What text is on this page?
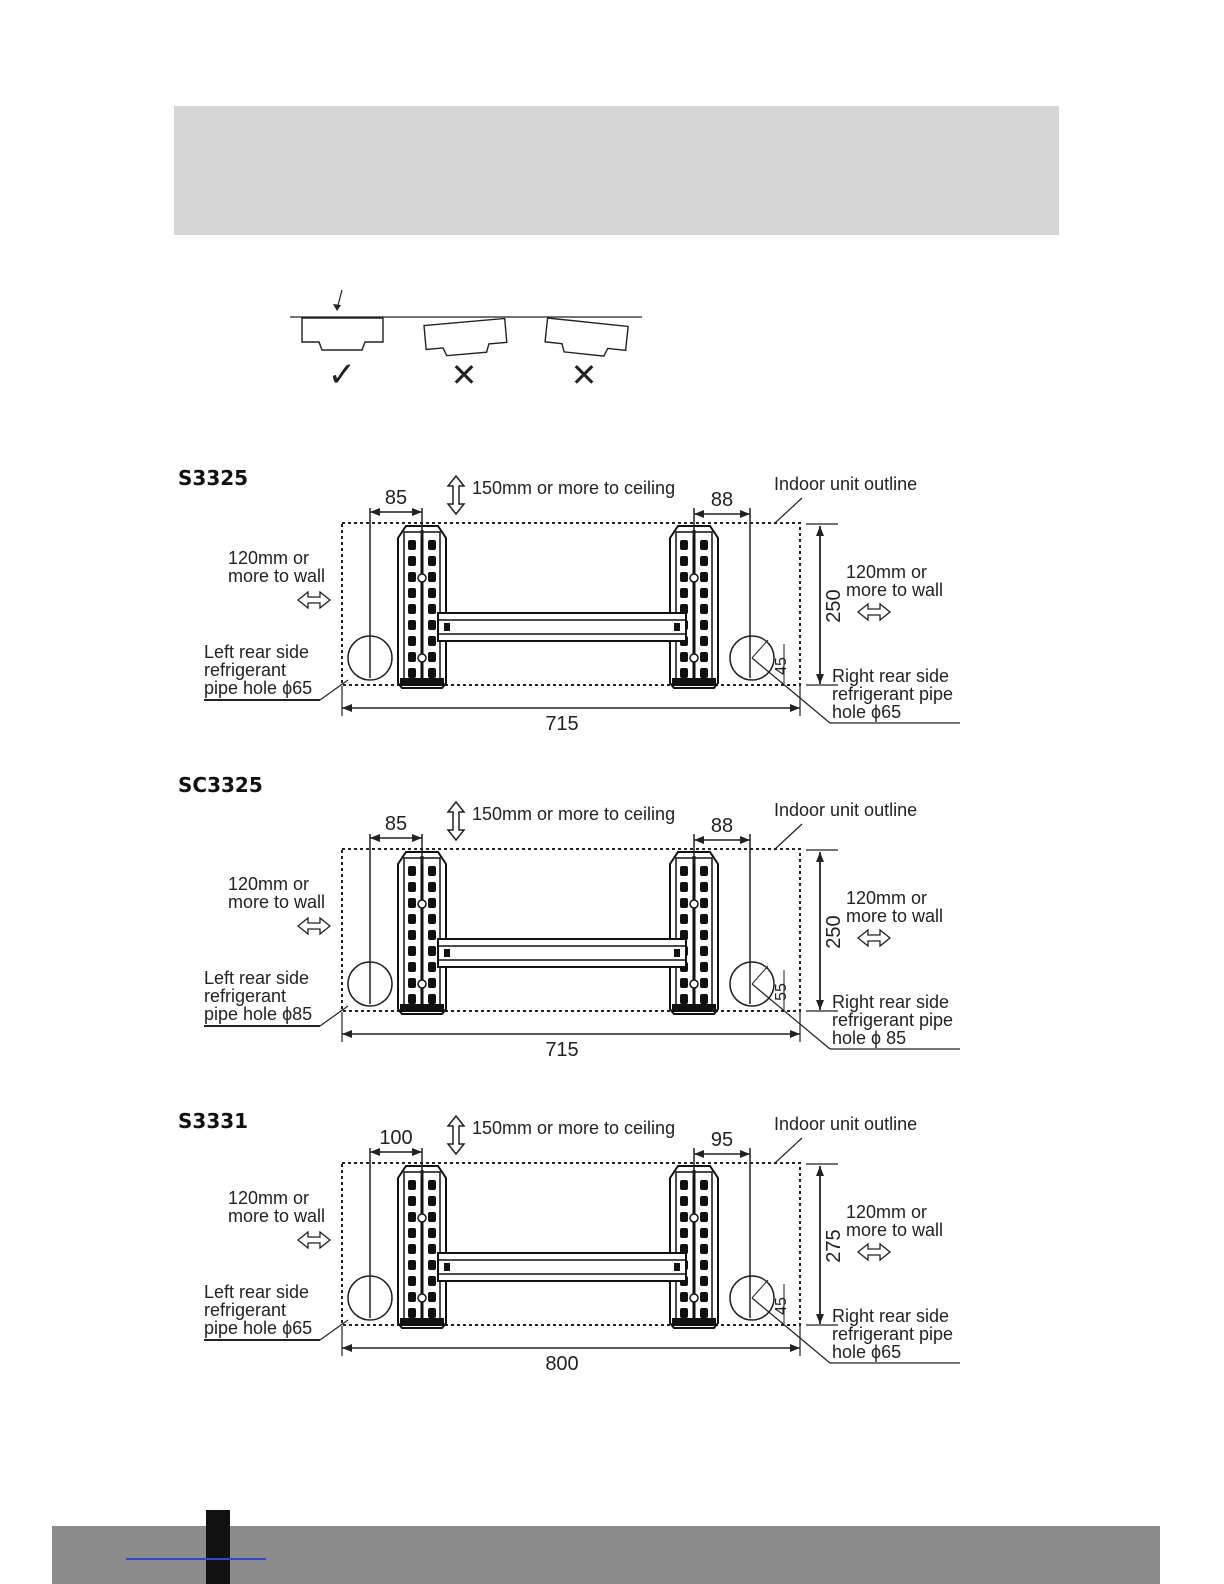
✓	✕	✕
S3325
85	88
150mm or more to ceiling	Indoor unit outline
120mm or
more to wall	120mm or
more to wall
250
Left rear side
refrigerant
pipe hole ϕ65
45 Right rear side
refrigerant pipe
hole ϕ65
715
SC3325
85	88
150mm or more to ceiling	Indoor unit outline
120mm or
more to wall	120mm or
more to wall
250
Left rear side
refrigerant
pipe hole ϕ85
55 Right rear side
refrigerant pipe
hole ϕ 85
715
S3331
100	95
150mm or more to ceiling	Indoor unit outline
120mm or
more to wall	120mm or
more to wall
275
Left rear side
refrigerant
pipe hole ϕ65
45 Right rear side
refrigerant pipe
hole ϕ65
800
